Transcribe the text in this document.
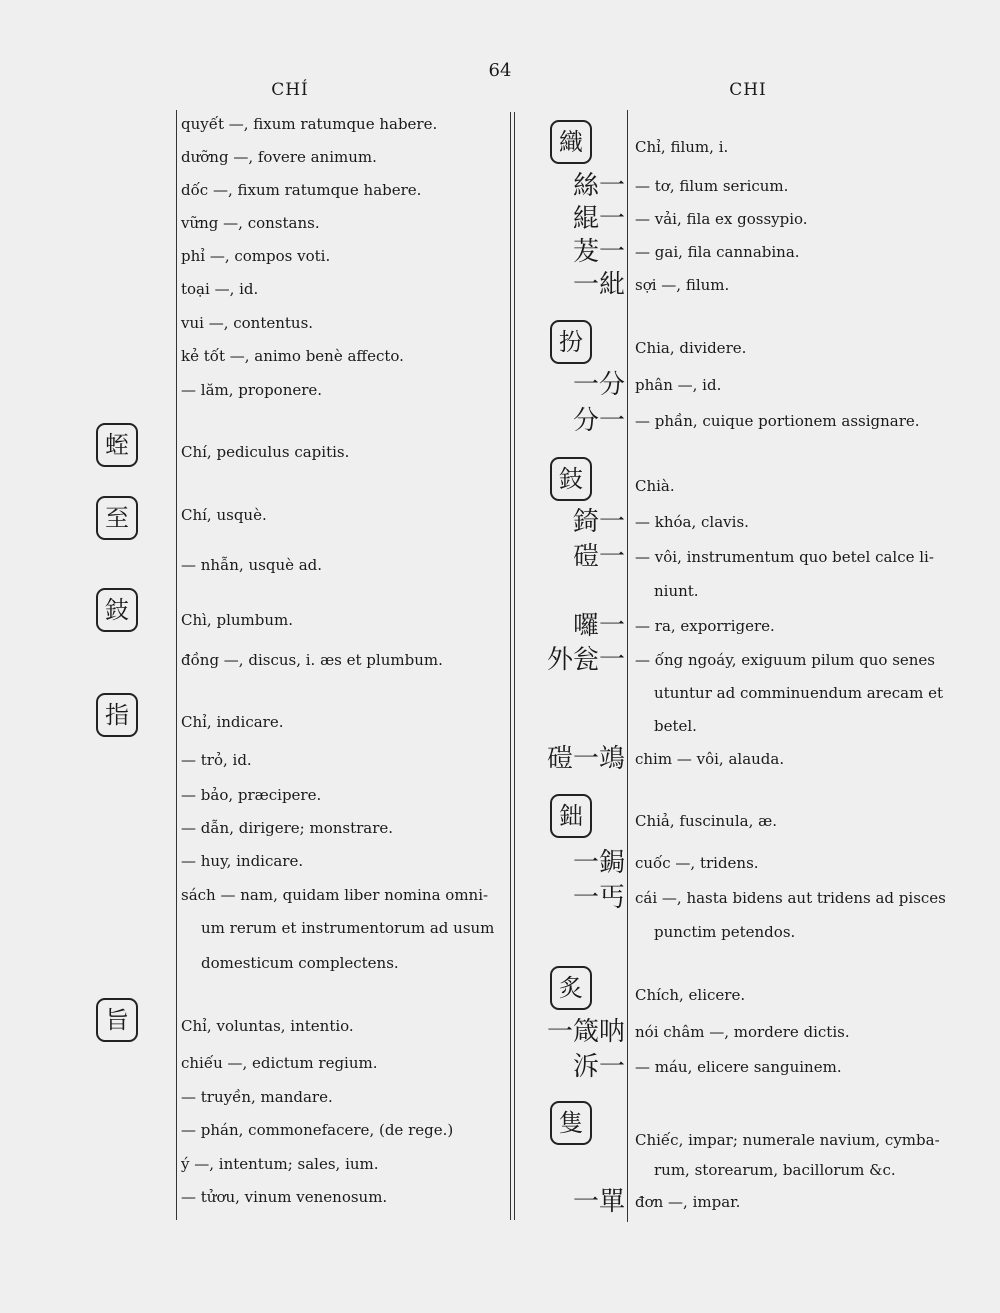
64
CHÍ	CHI
quyết —, fixum ratumque habere.
dưỡng —, fovere animum.
dốc —, fixum ratumque habere.
vững —, constans.
phỉ —, compos voti.
toại —, id.
vui —, contentus.
kẻ tốt —, animo benè affecto.
— lăm, proponere.
蛭	Chí, pediculus capitis.
至	Chí, usquè.
— nhẫn, usquè ad.
鈘	Chì, plumbum.
đồng —, discus, i. æs et plumbum.
指	Chỉ, indicare.
— trỏ, id.
— bảo, præcipere.
— dẫn, dirigere; monstrare.
— huy, indicare.
sách — nam, quidam liber nomina omni-
um rerum et instrumentorum ad usum
domesticum complectens.
旨	Chỉ, voluntas, intentio.
chiếu —, edictum regium.
— truyền, mandare.
— phán, commonefacere, (de rege.)
ý —, intentum; sales, ium.
— tửơu, vinum venenosum.
織	Chỉ, filum, i.
絲一 — tơ, filum sericum.
緄一 — vải, fila ex gossypio.
茇一 — gai, fila cannabina.
一紕 sợi —, filum.
扮	Chia, dividere.
一分 phân —, id.
分一 — phần, cuique portionem assignare.
鈘	Chià.
錡一 — khóa, clavis.
磑一 — vôi, instrumentum quo betel calce li-
niunt.
囉一 — ra, exporrigere.
外瓮一 — ống ngoáy, exiguum pilum quo senes
utuntur ad comminuendum arecam et
betel.
磑一鴗 chim — vôi, alauda.
鈯	Chiả, fuscinula, æ.
一鋦 cuốc —, tridens.
一丐 cái —, hasta bidens aut tridens ad pisces
punctim petendos.
炙	Chích, elicere.
一箴呐 nói châm —, mordere dictis.
泝一 — máu, elicere sanguinem.
隻
Chiếc, impar; numerale navium, cymba-
rum, storearum, bacillorum &c.
一單 đơn —, impar.
